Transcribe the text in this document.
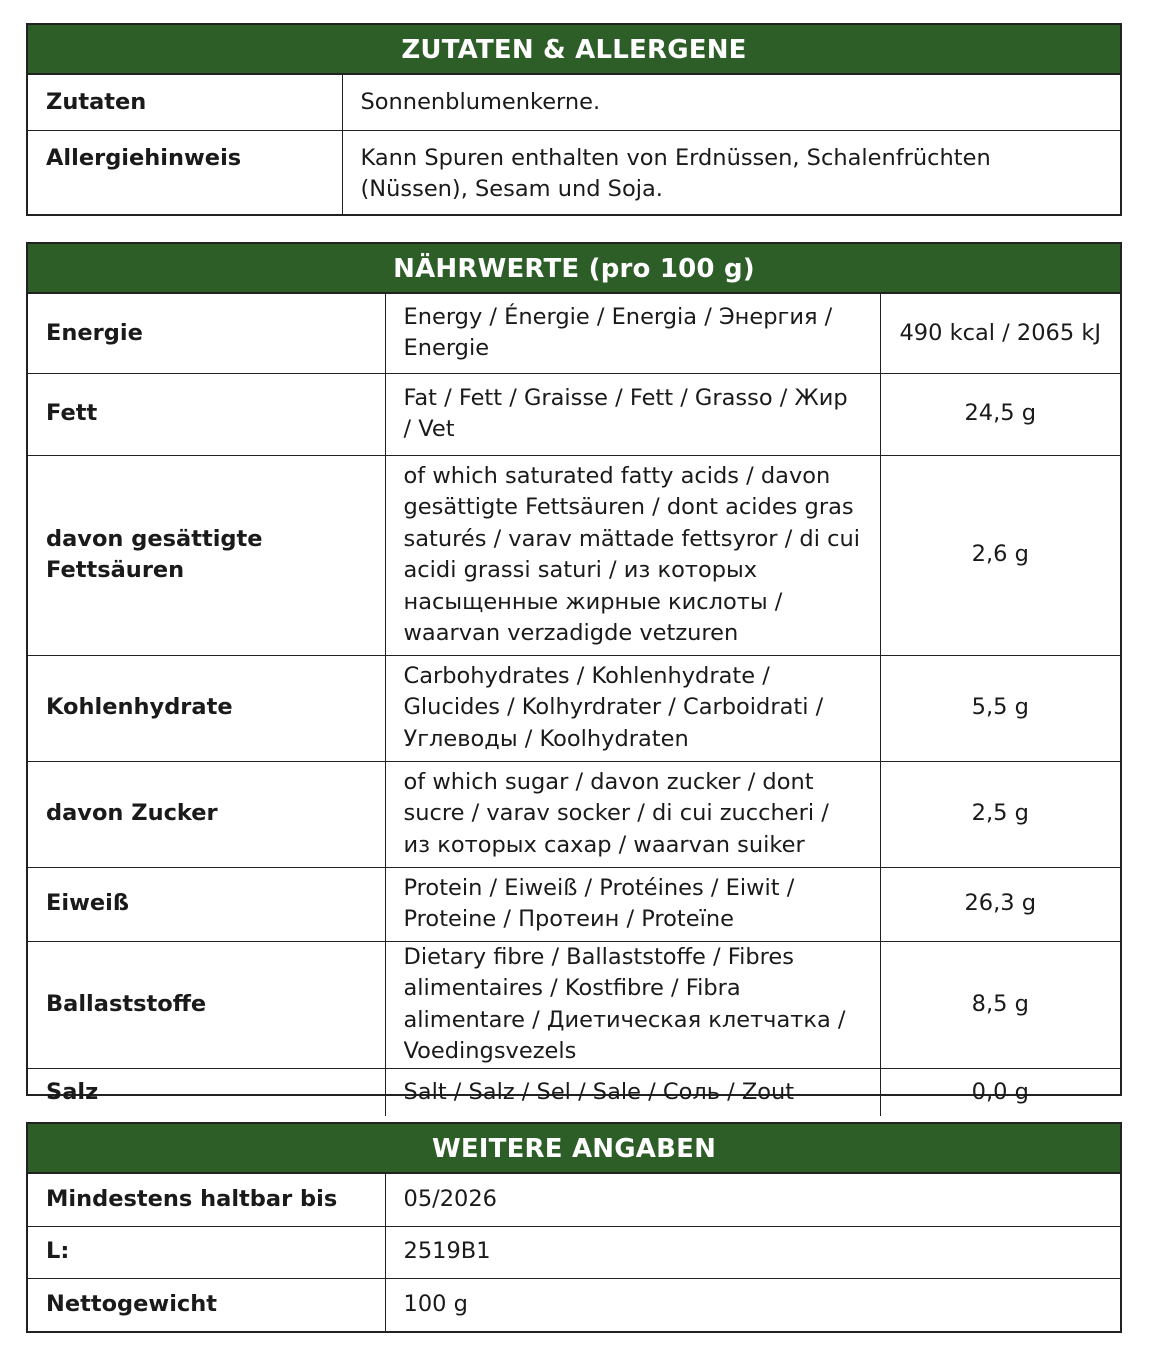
ZUTATEN & ALLERGENE
Zutaten	Sonnenblumenkerne.
Allergiehinweis	Kann Spuren enthalten von Erdnüssen, Schalenfrüchten (Nüssen), Sesam und Soja.
NÄHRWERTE (pro 100 g)
Energie	Energy / Énergie / Energia / Энергия / Energie	490 kcal / 2065 kJ
Fett	Fat / Fett / Graisse / Fett / Grasso / Жир / Vet	24,5 g
davon gesättigte Fettsäuren	of which saturated fatty acids / davon gesättigte Fettsäuren / dont acides gras saturés / varav mättade fettsyror / di cui acidi grassi saturi / из которых насыщенные жирные кислоты / waarvan verzadigde vetzuren	2,6 g
Kohlenhydrate	Carbohydrates / Kohlenhydrate / Glucides / Kolhyrdrater / Carboidrati / Углеводы / Koolhydraten	5,5 g
davon Zucker	of which sugar / davon zucker / dont sucre / varav socker / di cui zuccheri / из которых сахар / waarvan suiker	2,5 g
Eiweiß	Protein / Eiweiß / Protéines / Eiwit / Proteine / Протеин / Proteïne	26,3 g
Ballaststoffe	Dietary fibre / Ballaststoffe / Fibres alimentaires / Kostfibre / Fibra alimentare / Диетическая клетчатка / Voedingsvezels	8,5 g
Salz	Salt / Salz / Sel / Sale / Соль / Zout	0,0 g
WEITERE ANGABEN
Mindestens haltbar bis	05/2026
L:	2519B1
Nettogewicht	100 g
